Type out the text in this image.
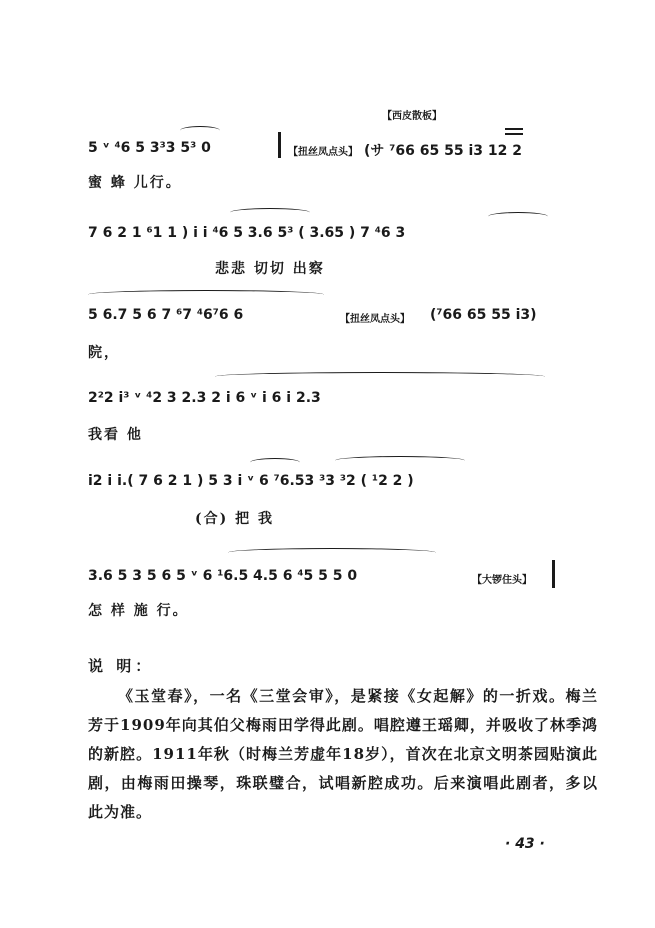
【西皮散板】
5 ᵛ ⁴6 5 3³3 5³ 0	【扭丝凤点头】 (サ ⁷66 65 55 i3 12 2
蜜 蜂 儿行。
7 6 2 1 ⁶1 1 ) i i ⁴6 5 3.6 5³ ( 3.65 ) 7 ⁴6 3
悲悲 切切 出察
5 6.7 5 6 7 ⁶7 ⁴6⁷6 6	【扭丝凤点头】 (⁷66 65 55 i3)
院，
2²2 i³ ᵛ ⁴2 3 2.3 2 i 6 ᵛ i 6 i 2.3
我看 他
i2 i i.( 7 6 2 1 ) 5 3 i ᵛ 6 ⁷6.53 ³3 ³2 ( ¹2 2 )
(合) 把 我
3.6 5 3 5 6 5 ᵛ 6 ¹6.5 4.5 6 ⁴5 5 5 0	【大锣住头】
怎 样 施 行。
说 明：
《玉堂春》，一名《三堂会审》，是紧接《女起解》的一折戏。梅兰芳于1909年向其伯父梅雨田学得此剧。唱腔遵王瑶卿，并吸收了林季鸿的新腔。1911年秋（时梅兰芳虚年18岁），首次在北京文明茶园贴演此剧，由梅雨田操琴，珠联璧合，试唱新腔成功。后来演唱此剧者，多以此为准。
· 43 ·
